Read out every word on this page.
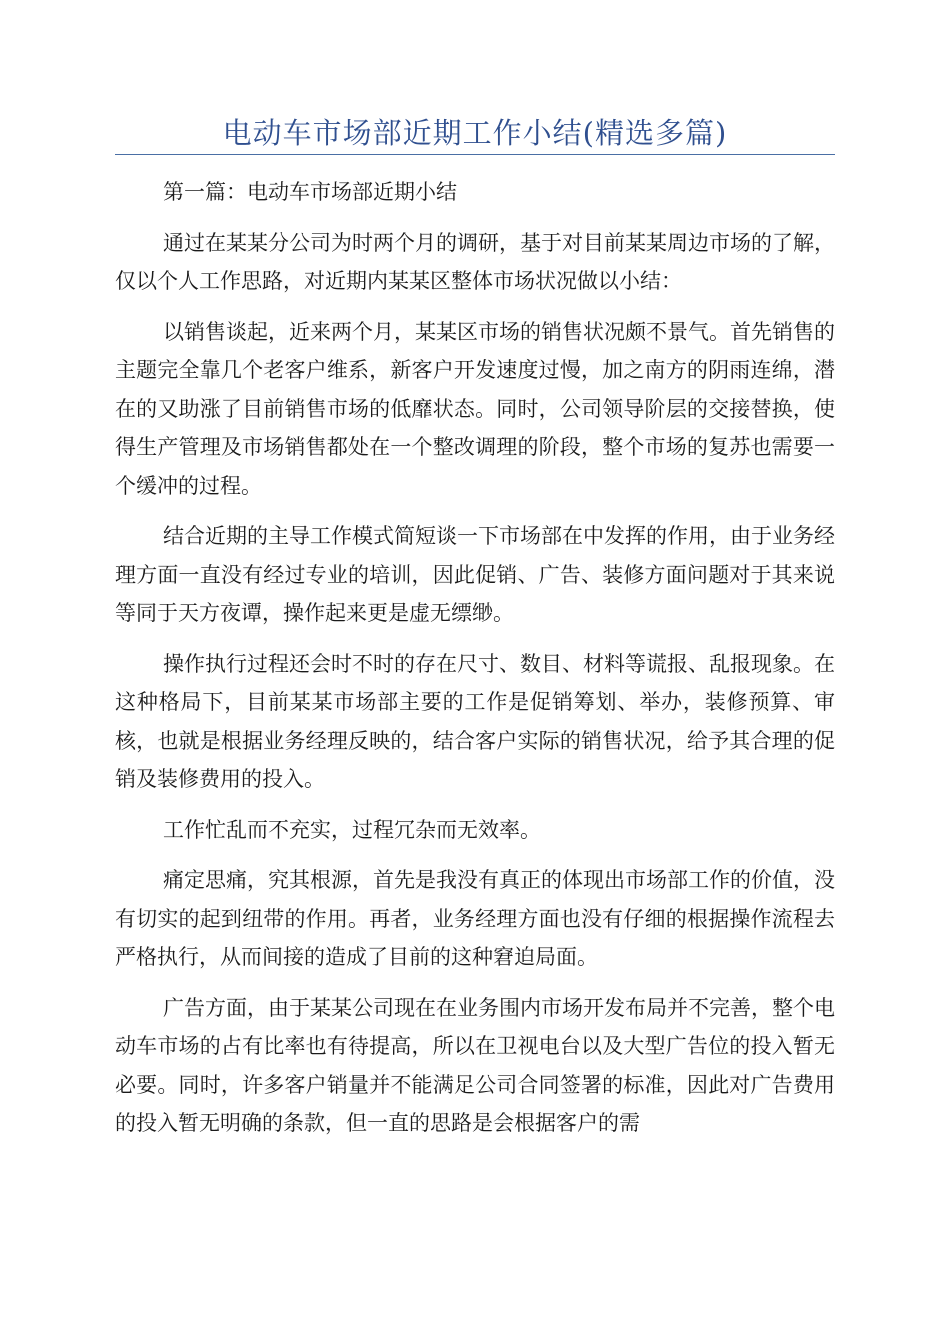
电动车市场部近期工作小结(精选多篇)

第一篇：电动车市场部近期小结

通过在某某分公司为时两个月的调研，基于对目前某某周边市场的了解，仅以个人工作思路，对近期内某某区整体市场状况做以小结：

以销售谈起，近来两个月，某某区市场的销售状况颇不景气。首先销售的主题完全靠几个老客户维系，新客户开发速度过慢，加之南方的阴雨连绵，潜在的又助涨了目前销售市场的低靡状态。同时，公司领导阶层的交接替换，使得生产管理及市场销售都处在一个整改调理的阶段，整个市场的复苏也需要一个缓冲的过程。

结合近期的主导工作模式简短谈一下市场部在中发挥的作用，由于业务经理方面一直没有经过专业的培训，因此促销、广告、装修方面问题对于其来说等同于天方夜谭，操作起来更是虚无缥缈。

操作执行过程还会时不时的存在尺寸、数目、材料等谎报、乱报现象。在这种格局下，目前某某市场部主要的工作是促销筹划、举办，装修预算、审核，也就是根据业务经理反映的，结合客户实际的销售状况，给予其合理的促销及装修费用的投入。

工作忙乱而不充实，过程冗杂而无效率。

痛定思痛，究其根源，首先是我没有真正的体现出市场部工作的价值，没有切实的起到纽带的作用。再者，业务经理方面也没有仔细的根据操作流程去严格执行，从而间接的造成了目前的这种窘迫局面。

广告方面，由于某某公司现在在业务围内市场开发布局并不完善，整个电动车市场的占有比率也有待提高，所以在卫视电台以及大型广告位的投入暂无必要。同时，许多客户销量并不能满足公司合同签署的标准，因此对广告费用的投入暂无明确的条款，但一直的思路是会根据客户的需
